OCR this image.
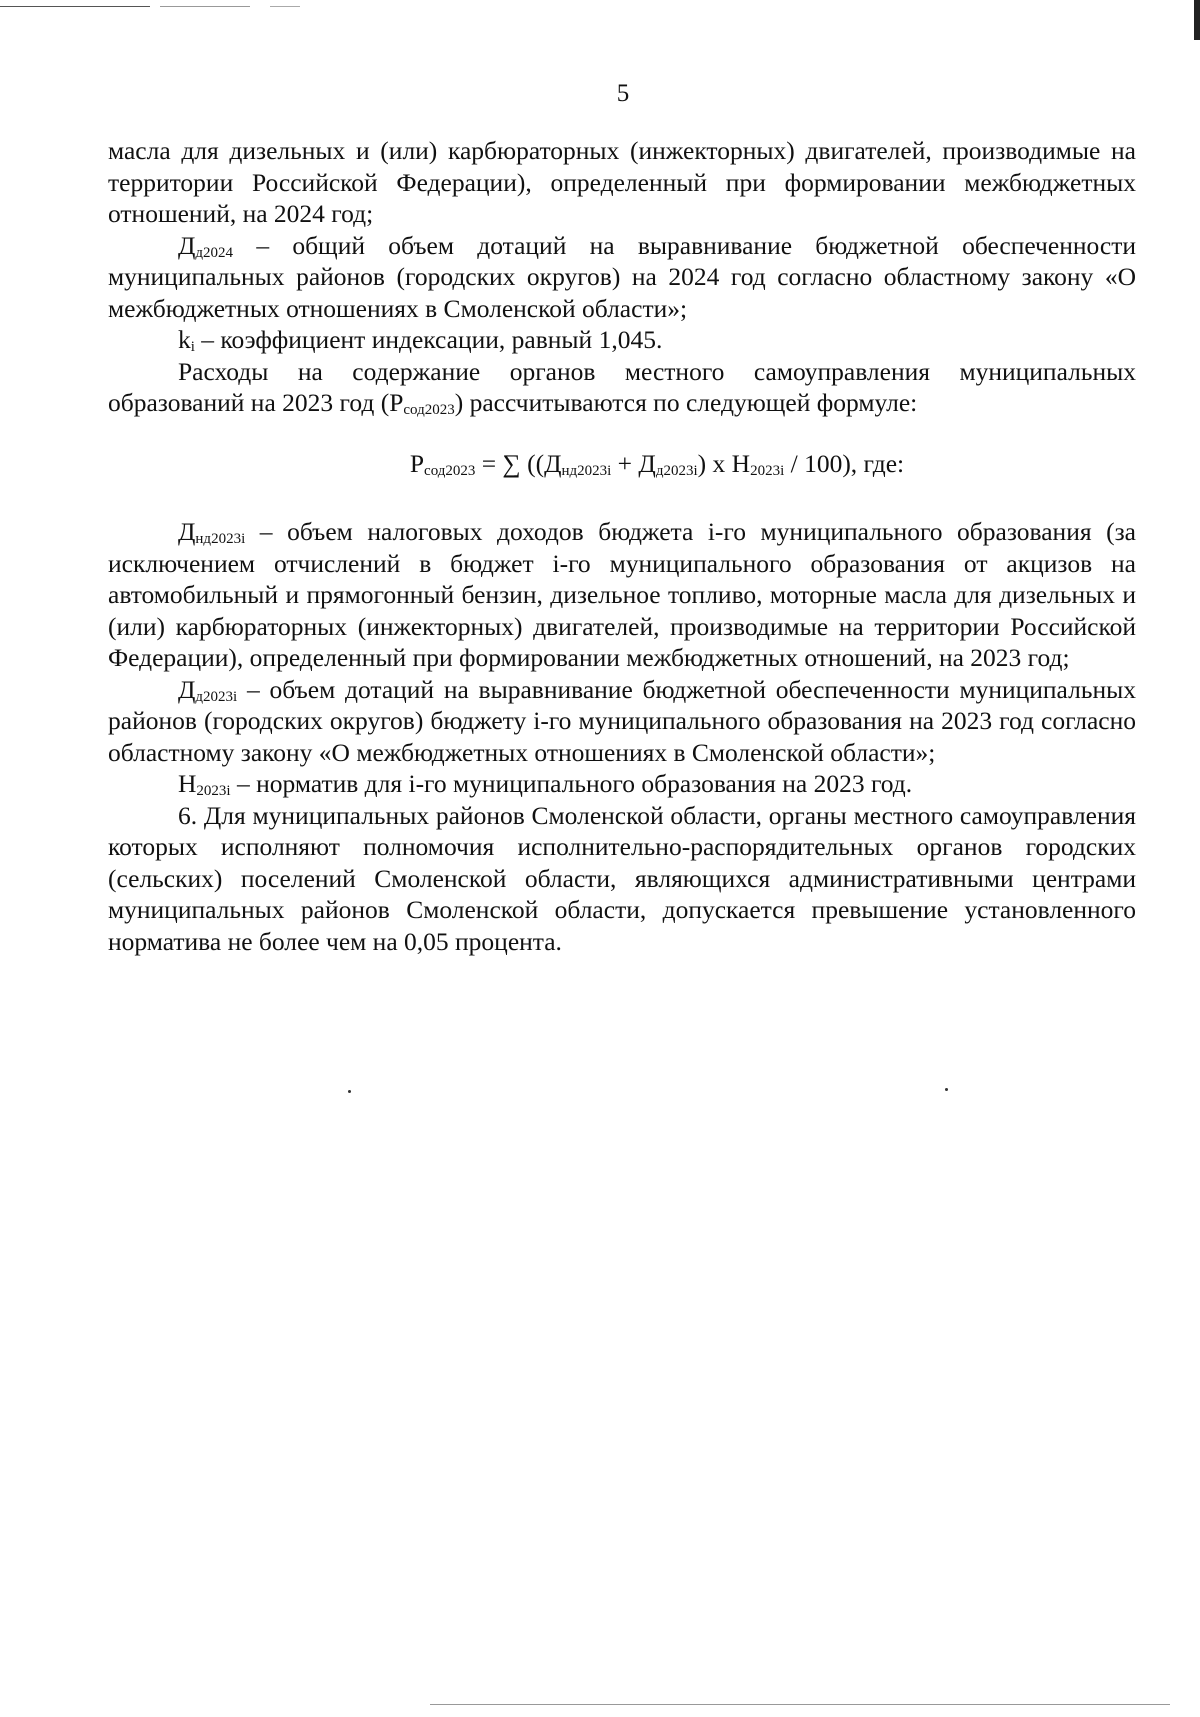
5

масла для дизельных и (или) карбюраторных (инжекторных) двигателей, производимые на территории Российской Федерации), определенный при формировании межбюджетных отношений, на 2024 год;

$Д_{д2024}$ – общий объем дотаций на выравнивание бюджетной обеспеченности муниципальных районов (городских округов) на 2024 год согласно областному закону «О межбюджетных отношениях в Смоленской области»;

$k_i$ – коэффициент индексации, равный 1,045.

Расходы на содержание органов местного самоуправления муниципальных образований на 2023 год $(Р_{сод2023})$ рассчитываются по следующей формуле:

$Р_{сод2023}$ = ∑ ($(Д_{нд2023i} + Д_{д2023i})$ х $Н_{2023i} / 100$), где:

$Д_{нд2023i}$ – объем налоговых доходов бюджета i-го муниципального образования (за исключением отчислений в бюджет i-го муниципального образования от акцизов на автомобильный и прямогонный бензин, дизельное топливо, моторные масла для дизельных и (или) карбюраторных (инжекторных) двигателей, производимые на территории Российской Федерации), определенный при формировании межбюджетных отношений, на 2023 год;

$Д_{д2023i}$ – объем дотаций на выравнивание бюджетной обеспеченности муниципальных районов (городских округов) бюджету i-го муниципального образования на 2023 год согласно областному закону «О межбюджетных отношениях в Смоленской области»;

$Н_{2023i}$ – норматив для i-го муниципального образования на 2023 год.

6. Для муниципальных районов Смоленской области, органы местного самоуправления которых исполняют полномочия исполнительно-распорядительных органов городских (сельских) поселений Смоленской области, являющихся административными центрами муниципальных районов Смоленской области, допускается превышение установленного норматива не более чем на 0,05 процента.
